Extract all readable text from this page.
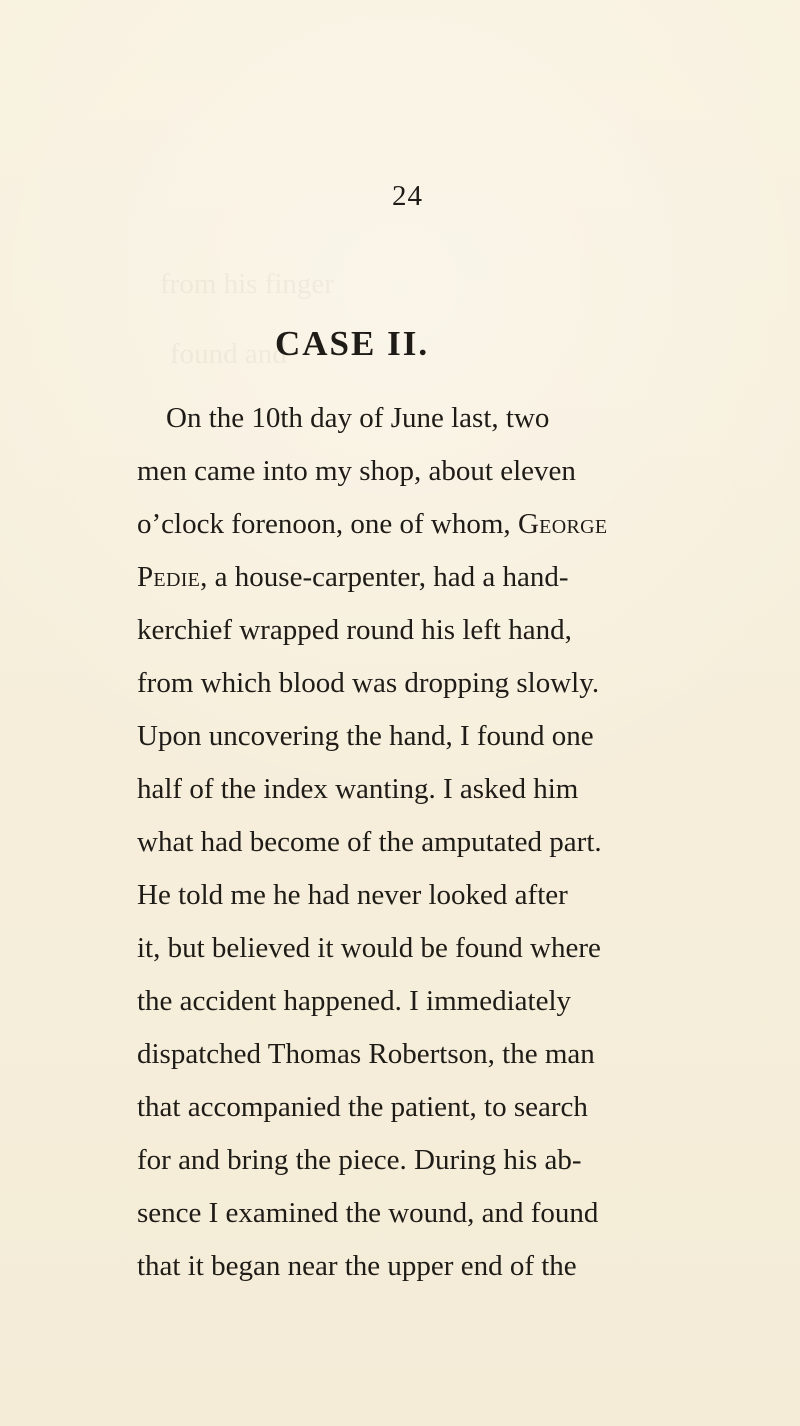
from his finger
found and
24
CASE II.
On the 10th day of June last, two
men came into my shop, about eleven
o’clock forenoon, one of whom, George
Pedie, a house-carpenter, had a hand-
kerchief wrapped round his left hand,
from which blood was dropping slowly.
Upon uncovering the hand, I found one
half of the index wanting. I asked him
what had become of the amputated part.
He told me he had never looked after
it, but believed it would be found where
the accident happened. I immediately
dispatched Thomas Robertson, the man
that accompanied the patient, to search
for and bring the piece. During his ab-
sence I examined the wound, and found
that it began near the upper end of the
